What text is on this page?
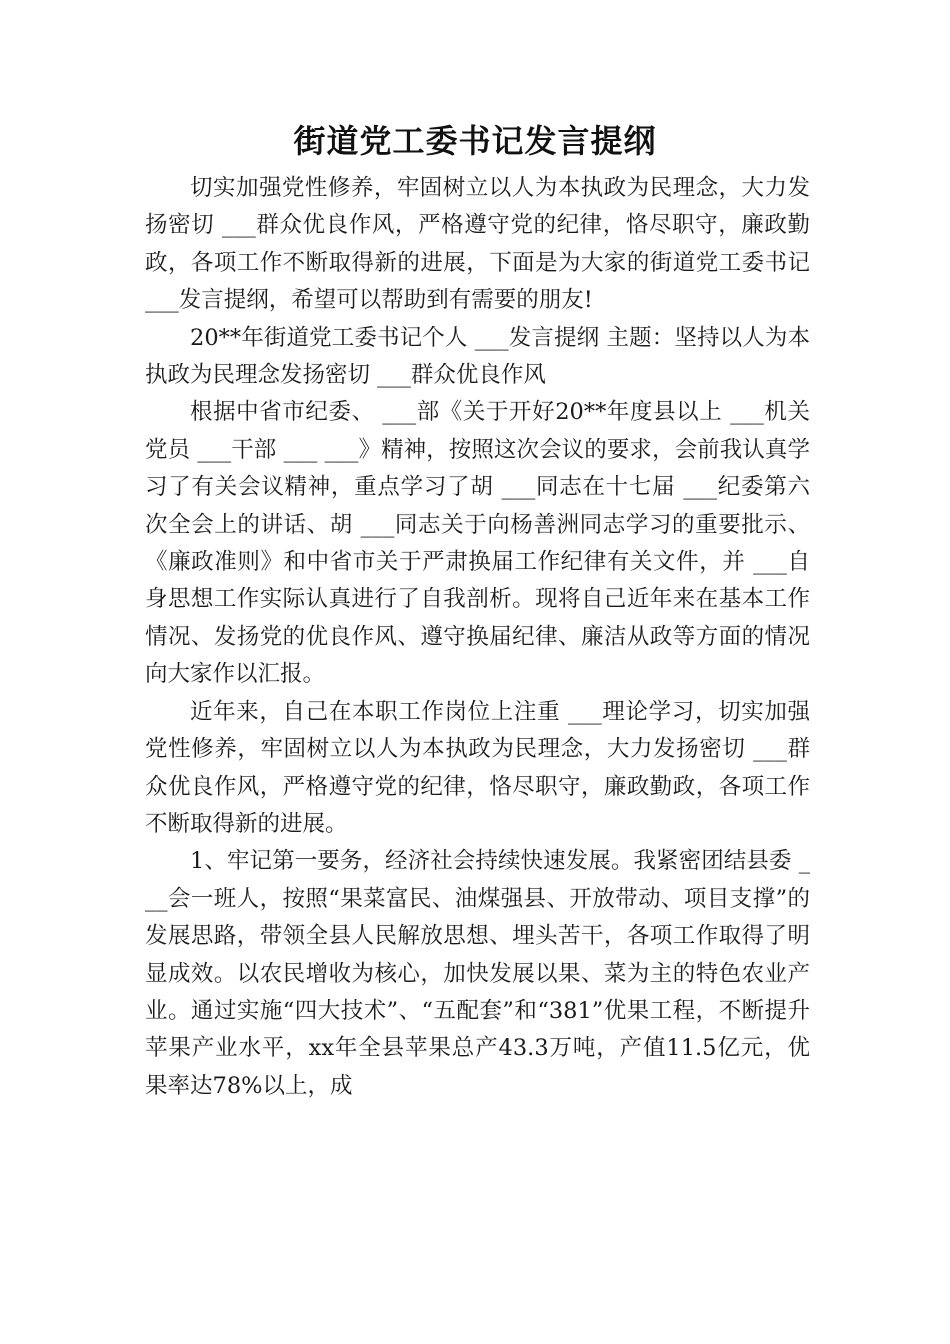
街道党工委书记发言提纲

切实加强党性修养，牢固树立以人为本执政为民理念，大力发扬密切 ___群众优良作风，严格遵守党的纪律，恪尽职守，廉政勤政，各项工作不断取得新的进展，下面是为大家的街道党工委书记 ___发言提纲，希望可以帮助到有需要的朋友!

20**年街道党工委书记个人 ___发言提纲 主题：坚持以人为本执政为民理念发扬密切 ___群众优良作风

根据中省市纪委、 ___部《关于开好20**年度县以上 ___机关党员 ___干部 ___ ___》精神，按照这次会议的要求，会前我认真学习了有关会议精神，重点学习了胡 ___同志在十七届 ___纪委第六次全会上的讲话、胡 ___同志关于向杨善洲同志学习的重要批示、《廉政准则》和中省市关于严肃换届工作纪律有关文件，并 ___自身思想工作实际认真进行了自我剖析。现将自己近年来在基本工作情况、发扬党的优良作风、遵守换届纪律、廉洁从政等方面的情况向大家作以汇报。

近年来，自己在本职工作岗位上注重 ___理论学习，切实加强党性修养，牢固树立以人为本执政为民理念，大力发扬密切 ___群众优良作风，严格遵守党的纪律，恪尽职守，廉政勤政，各项工作不断取得新的进展。

1、牢记第一要务，经济社会持续快速发展。我紧密团结县委 ___会一班人，按照“果菜富民、油煤强县、开放带动、项目支撑”的发展思路，带领全县人民解放思想、埋头苦干，各项工作取得了明显成效。以农民增收为核心，加快发展以果、菜为主的特色农业产业。通过实施“四大技术”、“五配套”和“381”优果工程，不断提升苹果产业水平，xx年全县苹果总产43.3万吨，产值11.5亿元，优果率达78%以上，成
